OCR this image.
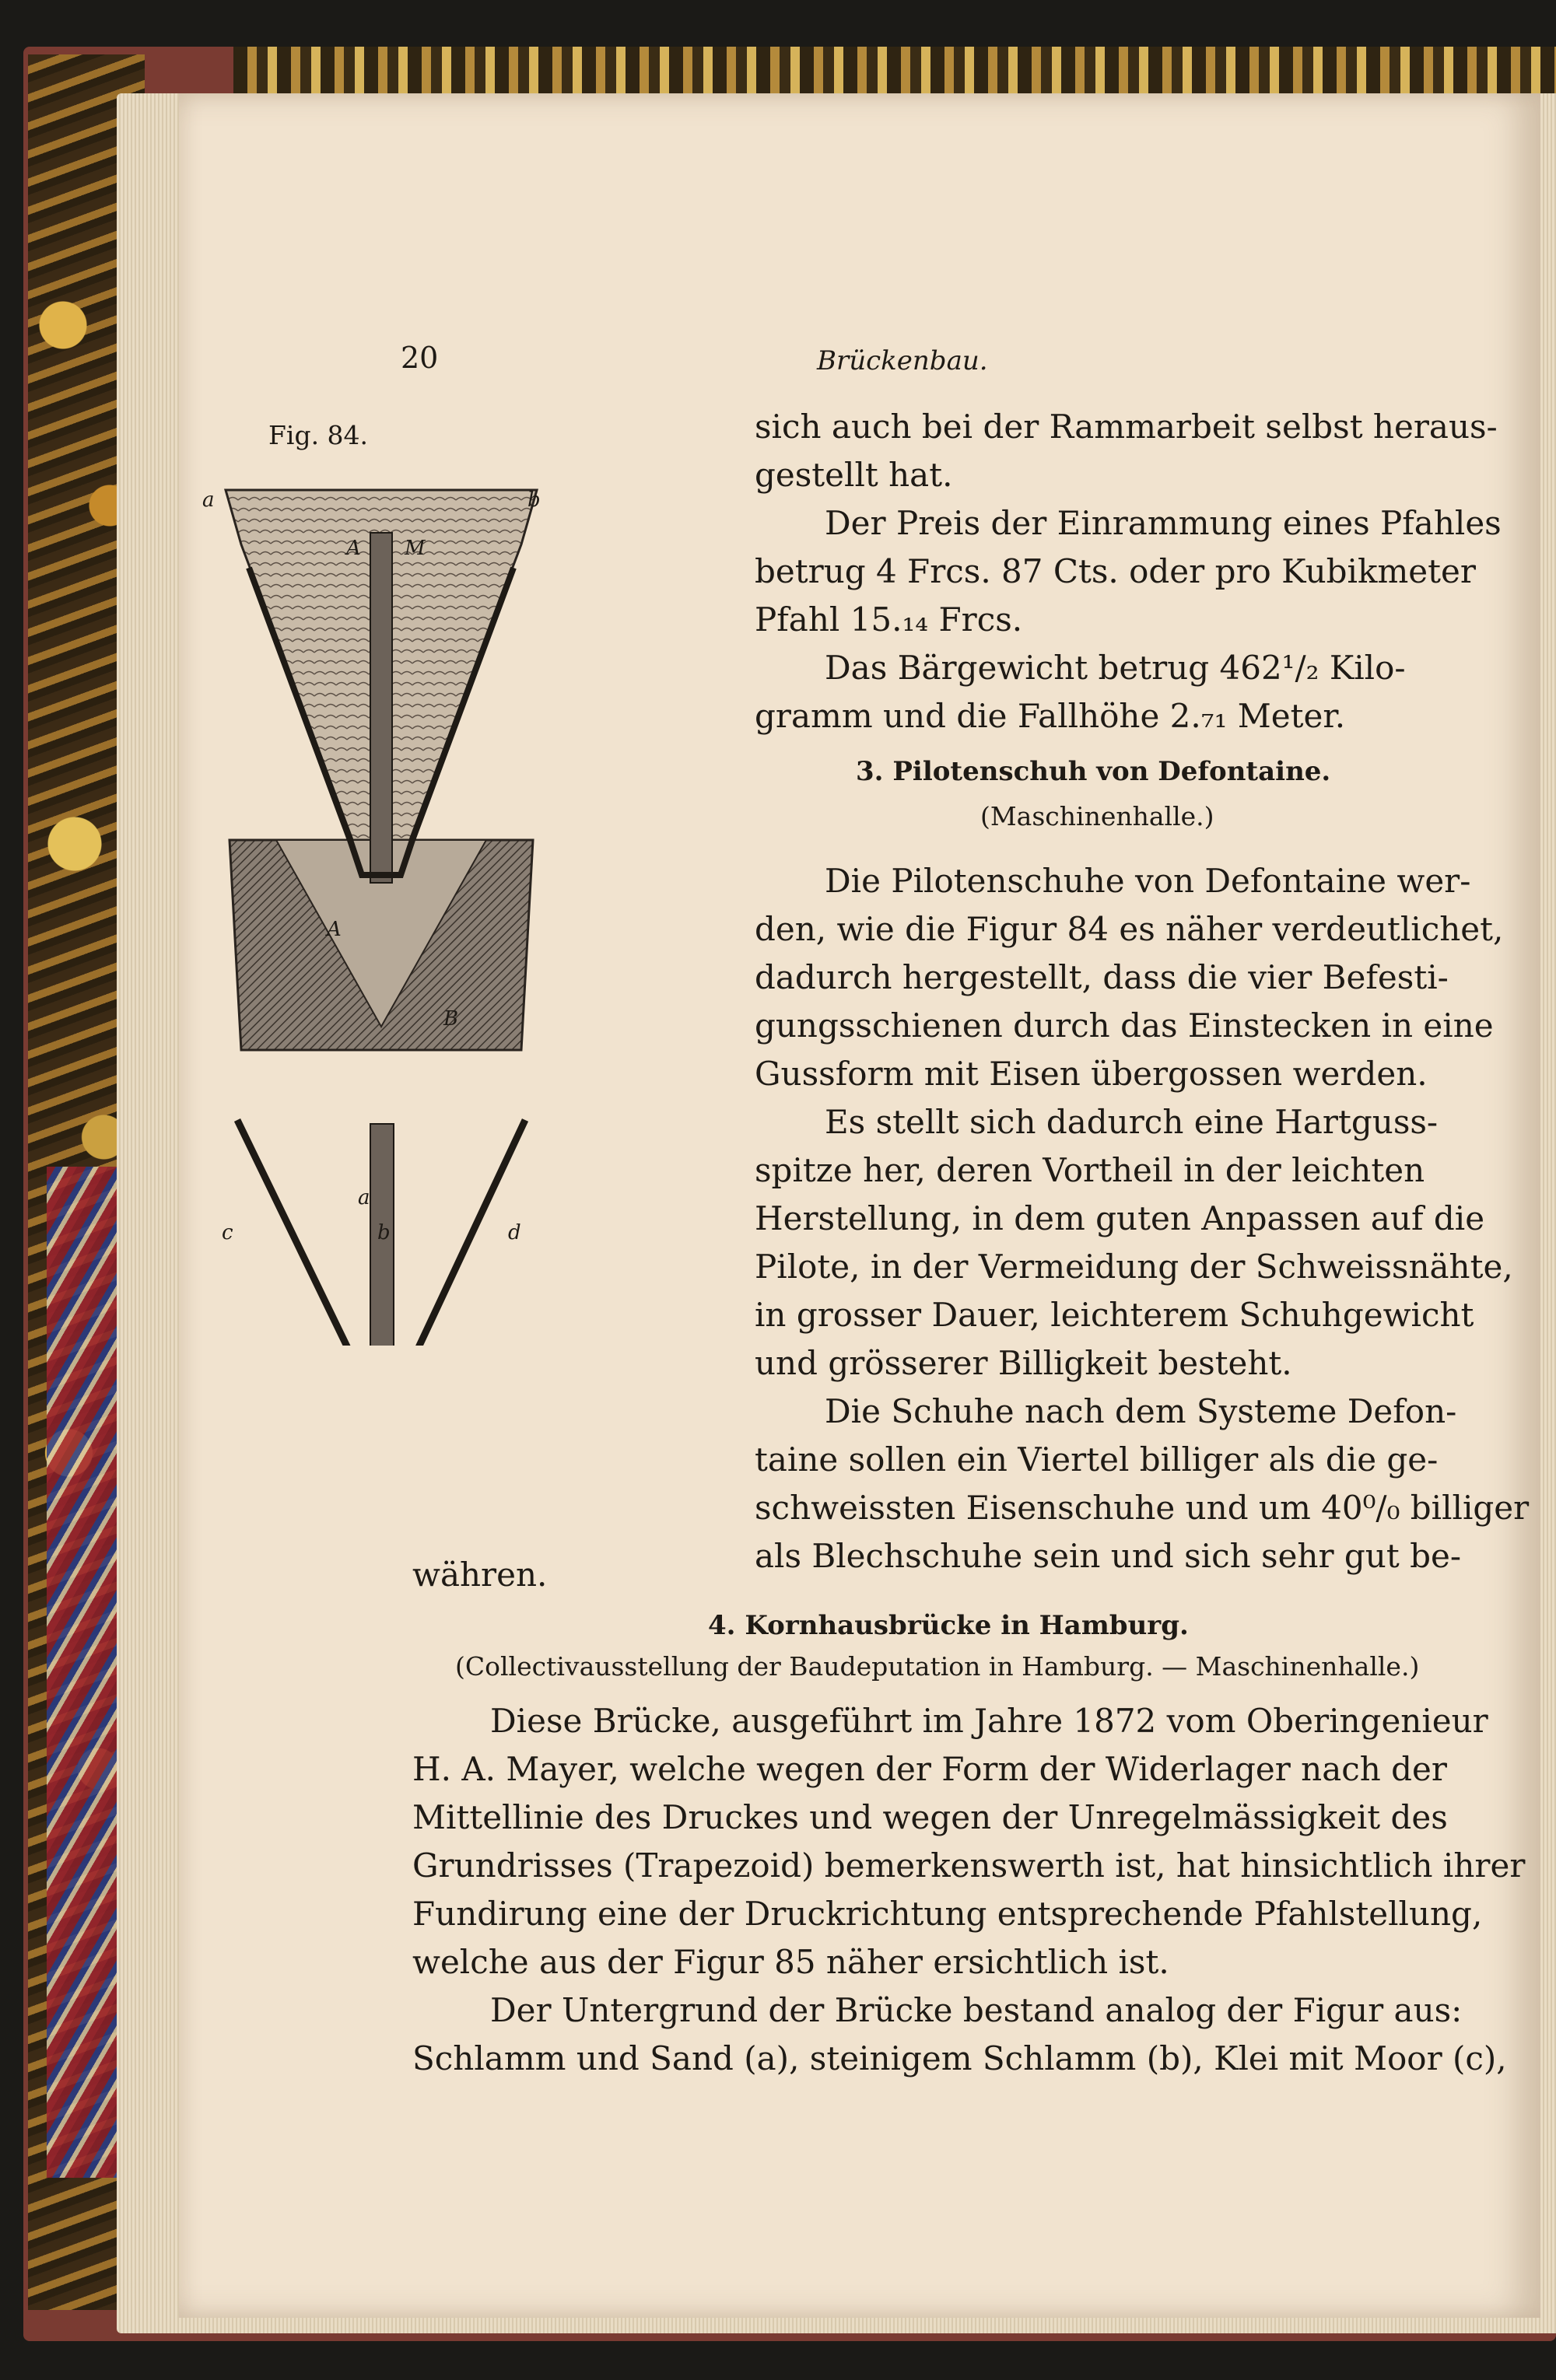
20	Brückenbau.
Fig. 84.
a	b
A M
A
B
a
c	b	d
sich auch bei der Rammarbeit selbst heraus-
gestellt hat.
Der Preis der Einrammung eines Pfahles
betrug 4 Frcs. 87 Cts. oder pro Kubikmeter
Pfahl 15.₁₄ Frcs.
Das Bärgewicht betrug 462¹/₂ Kilo-
gramm und die Fallhöhe 2.₇₁ Meter.
3. Pilotenschuh von Defontaine.
(Maschinenhalle.)
Die Pilotenschuhe von Defontaine wer-
den, wie die Figur 84 es näher verdeutlichet,
dadurch hergestellt, dass die vier Befesti-
gungsschienen durch das Einstecken in eine
Gussform mit Eisen übergossen werden.
Es stellt sich dadurch eine Hartguss-
spitze her, deren Vortheil in der leichten
Herstellung, in dem guten Anpassen auf die
Pilote, in der Vermeidung der Schweissnähte,
in grosser Dauer, leichterem Schuhgewicht
und grösserer Billigkeit besteht.
Die Schuhe nach dem Systeme Defon-
taine sollen ein Viertel billiger als die ge-
schweissten Eisenschuhe und um 40⁰/₀ billiger
als Blechschuhe sein und sich sehr gut be-
währen.
4. Kornhausbrücke in Hamburg.
(Collectivausstellung der Baudeputation in Hamburg. — Maschinenhalle.)
Diese Brücke, ausgeführt im Jahre 1872 vom Oberingenieur
H. A. Mayer, welche wegen der Form der Widerlager nach der
Mittellinie des Druckes und wegen der Unregelmässigkeit des
Grundrisses (Trapezoid) bemerkenswerth ist, hat hinsichtlich ihrer
Fundirung eine der Druckrichtung entsprechende Pfahlstellung,
welche aus der Figur 85 näher ersichtlich ist.
Der Untergrund der Brücke bestand analog der Figur aus:
Schlamm und Sand (a), steinigem Schlamm (b), Klei mit Moor (c),
